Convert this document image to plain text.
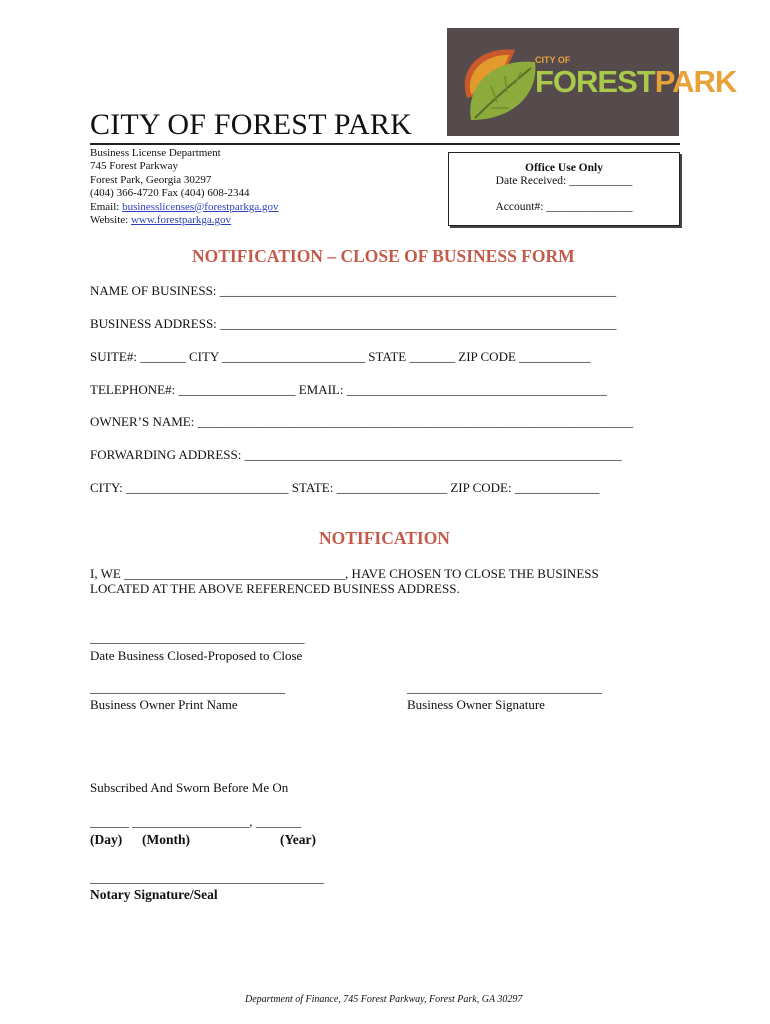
CITY OF
FORESTPARK
CITY OF FOREST PARK
Business License Department
745 Forest Parkway
Forest Park, Georgia 30297
(404) 366-4720 Fax (404) 608-2344
Email: businesslicenses@forestparkga.gov
Website: www.forestparkga.gov
Office Use Only
Date Received: ___________
Account#: _______________
NOTIFICATION – CLOSE OF BUSINESS FORM
NAME OF BUSINESS: _____________________________________________________________
BUSINESS ADDRESS: _____________________________________________________________
SUITE#: _______ CITY ______________________ STATE _______ ZIP CODE ___________
TELEPHONE#: __________________ EMAIL: ________________________________________
OWNER’S NAME: ___________________________________________________________________
FORWARDING ADDRESS: __________________________________________________________
CITY: _________________________ STATE: _________________ ZIP CODE: _____________
NOTIFICATION
I, WE __________________________________, HAVE CHOSEN TO CLOSE THE BUSINESS
LOCATED AT THE ABOVE REFERENCED BUSINESS ADDRESS.
_________________________________
Date Business Closed-Proposed to Close
______________________________
Business Owner Print Name
______________________________
Business Owner Signature
Subscribed And Sworn Before Me On
______ __________________, _______
(Day) (Month)	(Year)
____________________________________
Notary Signature/Seal
Department of Finance, 745 Forest Parkway, Forest Park, GA 30297
